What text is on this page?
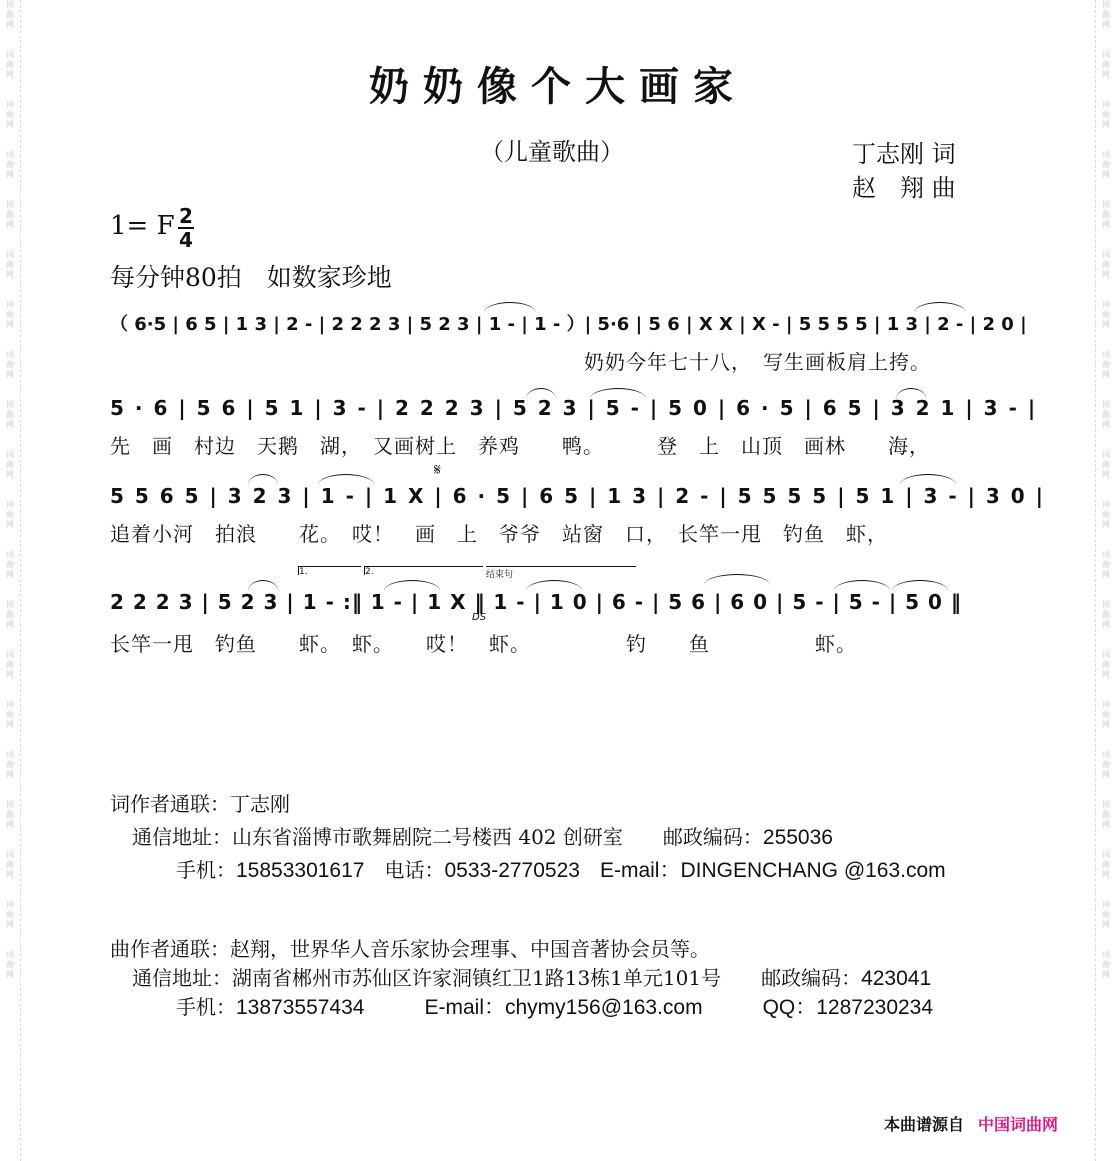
词
曲
网

词
曲
网

词
曲
网

词
曲
网

词
曲
网

词
曲
网

词
曲
网

词
曲
网

词
曲
网

词
曲
网

词
曲
网

词
曲
网

词
曲
网

词
曲
网

词
曲
网

词
曲
网

词
曲
网

词
曲
网

词
曲
网

词
曲
网
词
曲
网

词
曲
网

词
曲
网

词
曲
网

词
曲
网

词
曲
网

词
曲
网

词
曲
网

词
曲
网

词
曲
网

词
曲
网

词
曲
网

词
曲
网

词
曲
网

词
曲
网

词
曲
网

词
曲
网

词
曲
网

词
曲
网

词
曲
网
奶奶像个大画家
（儿童歌曲）	丁志刚 词
赵　翔 曲
1= F 2
4
每分钟80拍　如数家珍地
（ 6·5 | 6 5 | 1 3 | 2 - | 2 2 2 3 | 5 2 3 | 1 - | 1 - ）| 5·6 | 5 6 | X X | X - | 5 5 5 5 | 1 3 | 2 - | 2 0 |
奶奶今年七十八，　写生画板肩上挎。
5 · 6 | 5 6 | 5 1 | 3 - | 2 2 2 3 | 5 2 3 | 5 - | 5 0 | 6 · 5 | 6 5 | 3 2 1 | 3 - |
先　画　村边　天鹅　湖，　又画树上　养鸡　　鸭。　　　登　上　山顶　画林　　海，
𝄋
5 5 6 5 | 3 2 3 | 1 - | 1 X | 6 · 5 | 6 5 | 1 3 | 2 - | 5 5 5 5 | 5 1 | 3 - | 3 0 |
追着小河　拍浪　　花。　哎！　画　上　爷爷　站窗　口，　长竿一甩　钓鱼　虾，
1.	2.	结束句
2 2 2 3 | 5 2 3 | 1 - :‖ 1 - | 1 X ‖ 1 - | 1 0 | 6 - | 5 6 | 6 0 | 5 - | 5 - | 5 0 ‖
DS
长竿一甩　钓鱼　　虾。　虾。　　哎！　虾。　　　　　钓　　鱼　　　　　虾。
词作者通联：丁志刚
通信地址：山东省淄博市歌舞剧院二号楼西 402 创研室　　 邮政编码：255036
手机：15853301617　 电话：0533-2770523　 E-mail：DINGENCHANG @163.com
曲作者通联：赵翔，世界华人音乐家协会理事、中国音著协会员等。
通信地址：湖南省郴州市苏仙区许家洞镇红卫1路13栋1单元101号　　 邮政编码：423041
手机：13873557434　　　	E-mail：chymy156@163.com　　　	QQ：1287230234
本曲谱源自 中国词曲网
